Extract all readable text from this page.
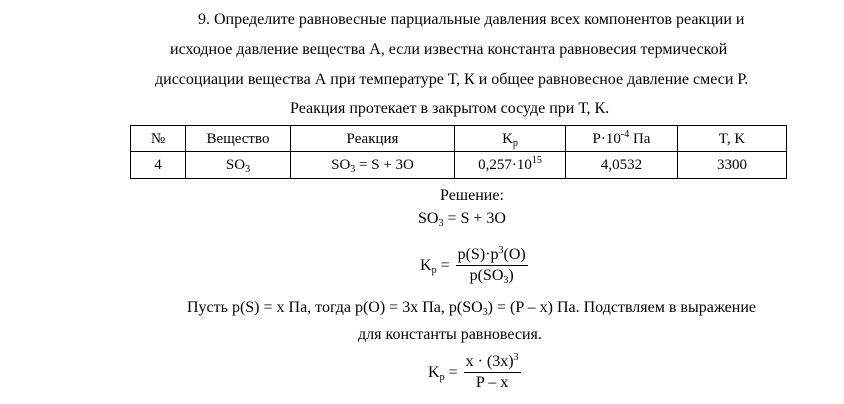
9. Определите равновесные парциальные давления всех компонентов реакции и
исходное давление вещества А, если известна константа равновесия термической
диссоциации вещества А при температуре Т, К и общее равновесное давление смеси Р.
Реакция протекает в закрытом сосуде при Т, К.
№	Вещество	Реакция	$K_p$	$P\cdot 10^{-4}$ Па	T, K
4	$SO_3$	$SO_3 = S + 3O$	$0,257\cdot 10^{15}$	4,0532	3300
Решение:
$SO_3 = S + 3O$
$K_p = \frac{p(S)\cdot p^3(O)}{p(SO_3)}$
Пусть p(S) = x Па, тогда p(O) = 3x Па, $p(SO_3) = (P - x)$ Па. Подствляем в выражение
для константы равновесия.
$K_p = \frac{x \cdot (3x)^3}{P - x}$
